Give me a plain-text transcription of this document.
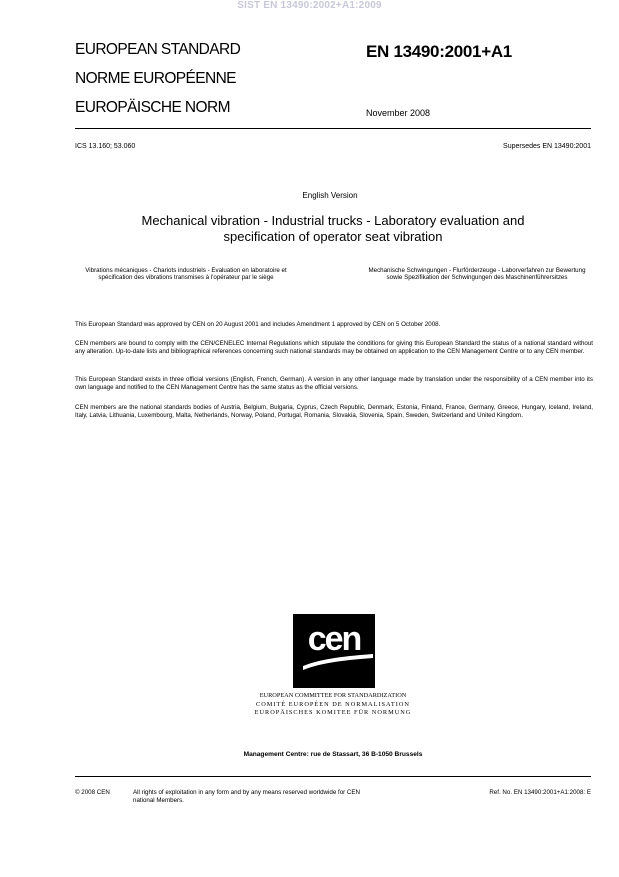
SIST EN 13490:2002+A1:2009
EUROPEAN STANDARD
NORME EUROPÉENNE
EUROPÄISCHE NORM
EN 13490:2001+A1
November 2008
ICS 13.160; 53.060	Supersedes EN 13490:2001
English Version
Mechanical vibration - Industrial trucks - Laboratory evaluation and specification of operator seat vibration
Vibrations mécaniques - Chariots industriels - Evaluation en laboratoire et spécification des vibrations transmises à l'opérateur par le siège
Mechanische Schwingungen - Flurförderzeuge - Laborverfahren zur Bewertung sowie Spezifikation der Schwingungen des Maschinenführersitzes
This European Standard was approved by CEN on 20 August 2001 and includes Amendment 1 approved by CEN on 5 October 2008.
CEN members are bound to comply with the CEN/CENELEC Internal Regulations which stipulate the conditions for giving this European Standard the status of a national standard without any alteration. Up-to-date lists and bibliographical references concerning such national standards may be obtained on application to the CEN Management Centre or to any CEN member.
This European Standard exists in three official versions (English, French, German). A version in any other language made by translation under the responsibility of a CEN member into its own language and notified to the CEN Management Centre has the same status as the official versions.
CEN members are the national standards bodies of Austria, Belgium, Bulgaria, Cyprus, Czech Republic, Denmark, Estonia, Finland, France, Germany, Greece, Hungary, Iceland, Ireland, Italy, Latvia, Lithuania, Luxembourg, Malta, Netherlands, Norway, Poland, Portugal, Romania, Slovakia, Slovenia, Spain, Sweden, Switzerland and United Kingdom.
cen
EUROPEAN COMMITTEE FOR STANDARDIZATION
COMITÉ EUROPÉEN DE NORMALISATION
EUROPÄISCHES KOMITEE FÜR NORMUNG
Management Centre: rue de Stassart, 36 B-1050 Brussels
© 2008 CEN	All rights of exploitation in any form and by any means reserved worldwide for CEN national Members.
Ref. No. EN 13490:2001+A1:2008: E
